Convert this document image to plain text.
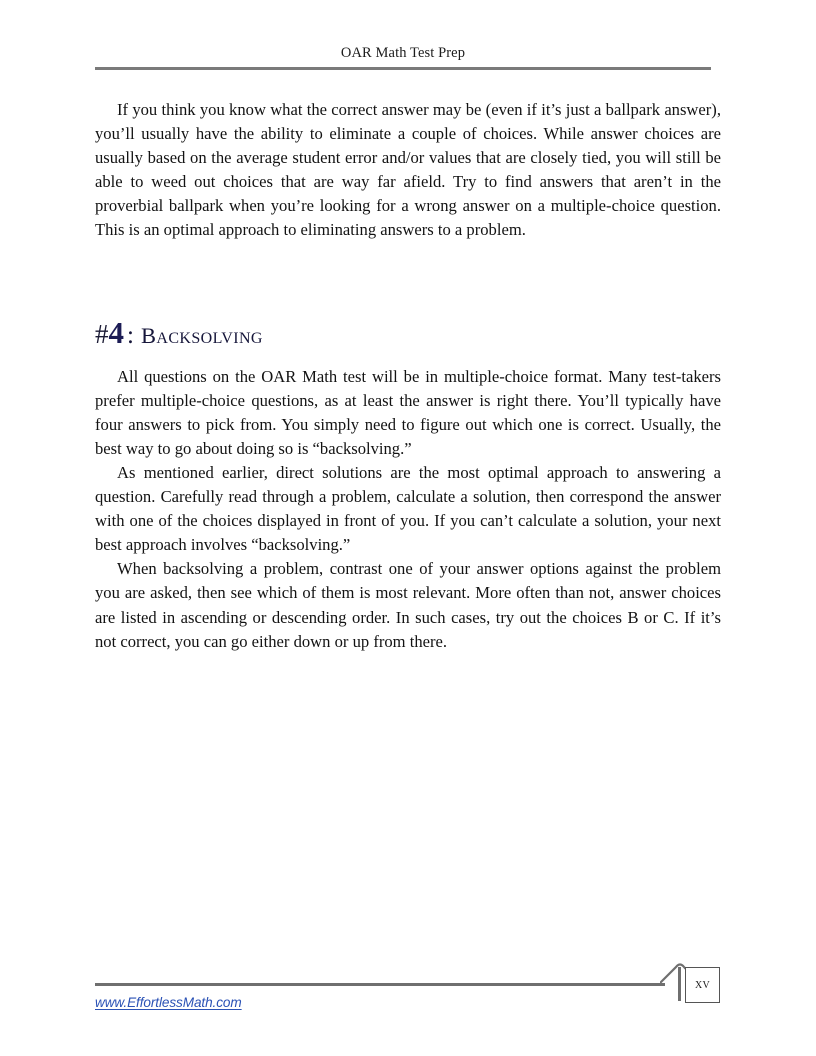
OAR Math Test Prep

If you think you know what the correct answer may be (even if it’s just a ballpark answer), you’ll usually have the ability to eliminate a couple of choices. While answer choices are usually based on the average student error and/or values that are closely tied, you will still be able to weed out choices that are way far afield. Try to find answers that aren’t in the proverbial ballpark when you’re looking for a wrong answer on a multiple-choice question. This is an optimal approach to eliminating answers to a problem.

# 4 : Backsolving

All questions on the OAR Math test will be in multiple-choice format. Many test-takers prefer multiple-choice questions, as at least the answer is right there. You’ll typically have four answers to pick from. You simply need to figure out which one is correct. Usually, the best way to go about doing so is “backsolving.”

As mentioned earlier, direct solutions are the most optimal approach to answering a question. Carefully read through a problem, calculate a solution, then correspond the answer with one of the choices displayed in front of you. If you can’t calculate a solution, your next best approach involves “backsolving.”

When backsolving a problem, contrast one of your answer options against the problem you are asked, then see which of them is most relevant. More often than not, answer choices are listed in ascending or descending order. In such cases, try out the choices B or C. If it’s not correct, you can go either down or up from there.

xv
www.EffortlessMath.com
